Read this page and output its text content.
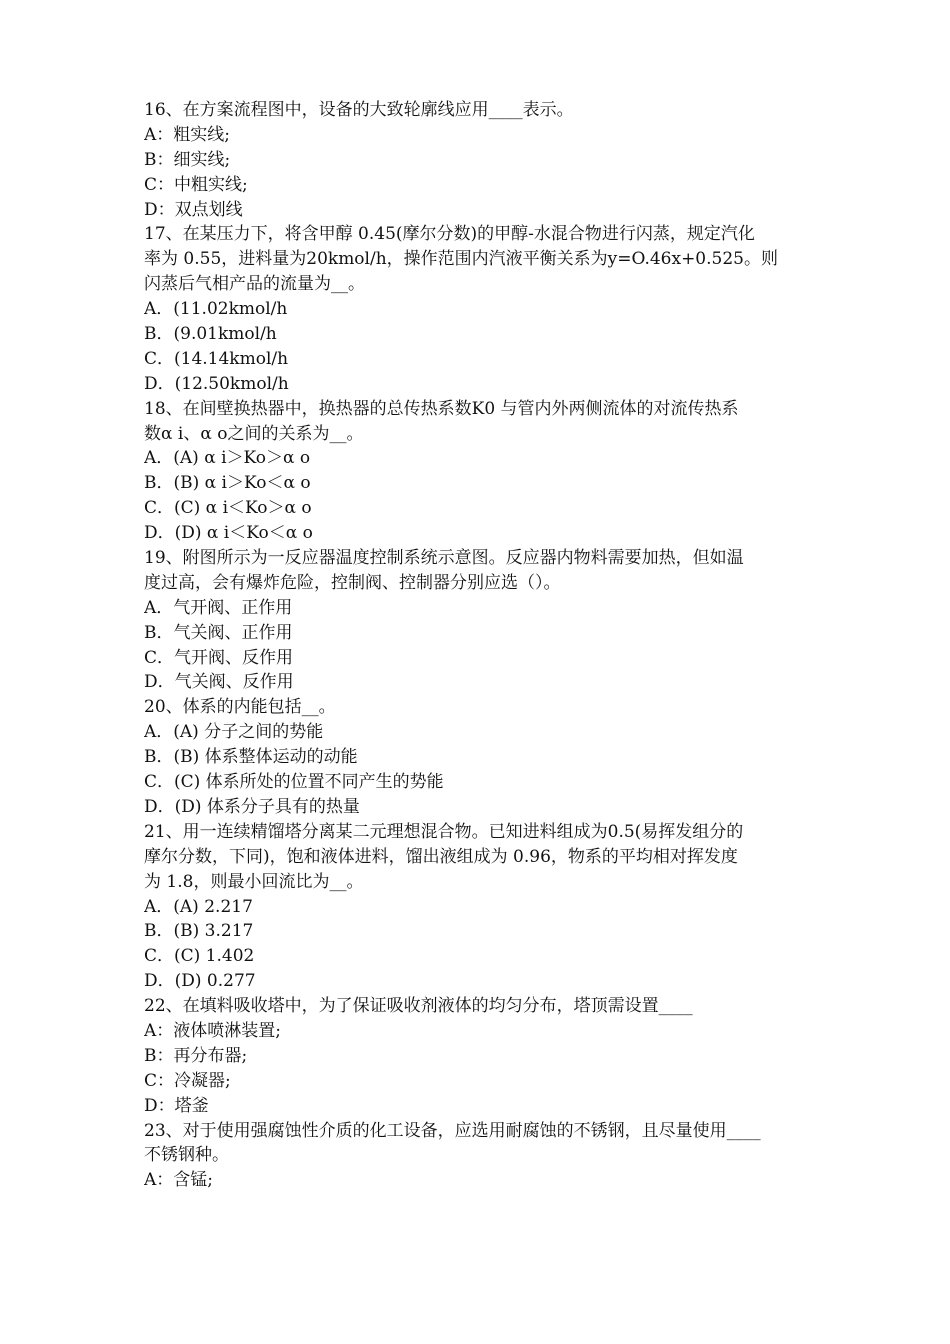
16、在方案流程图中，设备的大致轮廓线应用____表示。
A：粗实线;
B：细实线;
C：中粗实线;
D：双点划线
17、在某压力下，将含甲醇 0.45(摩尔分数)的甲醇-水混合物进行闪蒸，规定汽化
率为 0.55，进料量为20kmol/h，操作范围内汽液平衡关系为y=O.46x+0.525。则
闪蒸后气相产品的流量为__。
A．(11.02kmol/h
B．(9.01kmol/h
C．(14.14kmol/h
D．(12.50kmol/h
18、在间壁换热器中，换热器的总传热系数K0 与管内外两侧流体的对流传热系
数α i、α o之间的关系为__。
A．(A) α i＞Ko＞α o
B．(B) α i＞Ko＜α o
C．(C) α i＜Ko＞α o
D．(D) α i＜Ko＜α o
19、附图所示为一反应器温度控制系统示意图。反应器内物料需要加热，但如温
度过高，会有爆炸危险，控制阀、控制器分别应选（）。
A．气开阀、正作用
B．气关阀、正作用
C．气开阀、反作用
D．气关阀、反作用
20、体系的内能包括__。
A．(A) 分子之间的势能
B．(B) 体系整体运动的动能
C．(C) 体系所处的位置不同产生的势能
D．(D) 体系分子具有的热量
21、用一连续精馏塔分离某二元理想混合物。已知进料组成为0.5(易挥发组分的
摩尔分数，下同)，饱和液体进料，馏出液组成为 0.96，物系的平均相对挥发度
为 1.8，则最小回流比为__。
A．(A) 2.217
B．(B) 3.217
C．(C) 1.402
D．(D) 0.277
22、在填料吸收塔中，为了保证吸收剂液体的均匀分布，塔顶需设置____
A：液体喷淋装置;
B：再分布器;
C：冷凝器;
D：塔釜
23、对于使用强腐蚀性介质的化工设备，应选用耐腐蚀的不锈钢，且尽量使用____
不锈钢种。
A：含锰;
